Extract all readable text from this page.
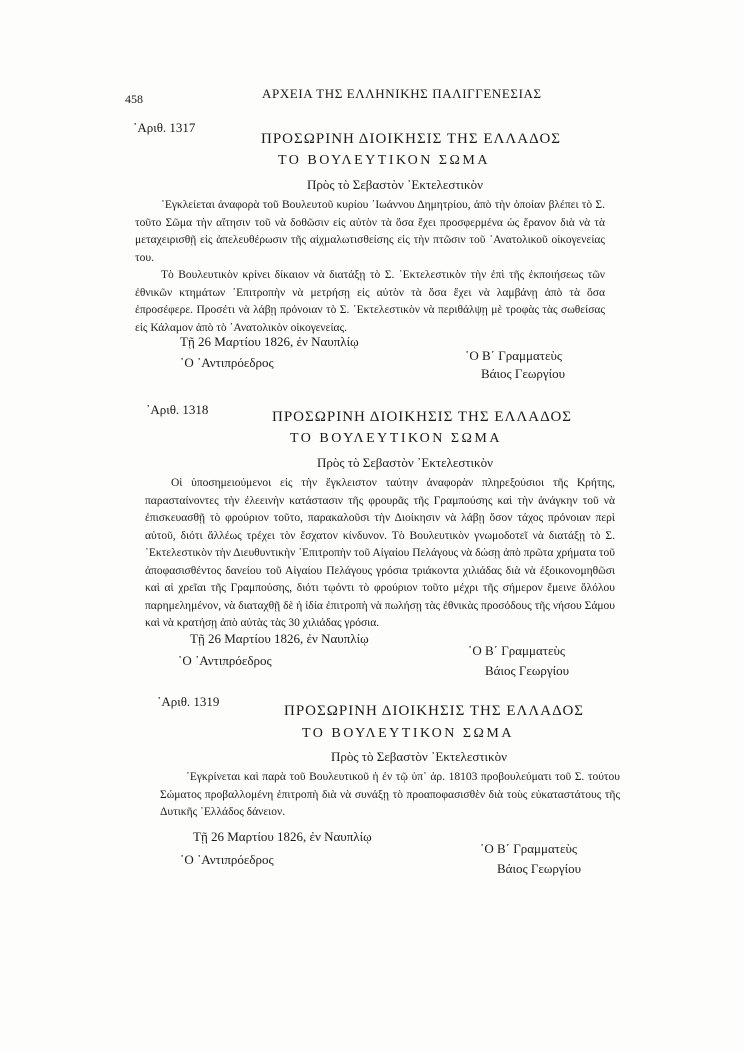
458	ΑΡΧΕΙΑ ΤΗΣ ΕΛΛΗΝΙΚΗΣ ΠΑΛΙΓΓΕΝΕΣΙΑΣ
᾽Αριθ. 1317
ΠΡΟΣΩΡΙΝΗ ΔΙΟΙΚΗΣΙΣ ΤΗΣ ΕΛΛΑΔΟΣ
ΤΟ ΒΟΥΛΕΥΤΙΚΟΝ ΣΩΜΑ
Πρὸς τὸ Σεβαστὸν ᾽Εκτελεστικὸν

᾽Εγκλείεται ἀναφορὰ τοῦ Βουλευτοῦ κυρίου ᾽Ιωάννου Δημητρίου, ἀπὸ τὴν ὁποίαν βλέπει τὸ Σ. τοῦτο Σῶμα τὴν αἴτησιν τοῦ νὰ δοθῶσιν εἰς αὐτὸν τὰ ὅσα ἔχει προσφερμένα ὡς ἔρανον διὰ νὰ τὰ μεταχειρισθῇ εἰς ἀπελευθέρωσιν τῆς αἰχμαλωτισθείσης εἰς τὴν πτῶσιν τοῦ ᾽Ανατολικοῦ οἰκογενείας του.

Τὸ Βουλευτικὸν κρίνει δίκαιον νὰ διατάξῃ τὸ Σ. ᾽Εκτελεστικὸν τὴν ἐπὶ τῆς ἐκποιήσεως τῶν ἐθνικῶν κτημάτων ᾽Επιτροπὴν νὰ μετρήσῃ εἰς αὐτὸν τὰ ὅσα ἔχει νὰ λαμβάνῃ ἀπὸ τὰ ὅσα ἐπροσέφερε. Προσέτι νὰ λάβῃ πρόνοιαν τὸ Σ. ᾽Εκτελεστικὸν νὰ περιθάλψῃ μὲ τροφὰς τὰς σωθείσας εἰς Κάλαμον ἀπὸ τὸ ᾽Ανατολικὸν οἰκογενείας.

Τῇ 26 Μαρτίου 1826, ἐν Ναυπλίῳ
῾Ο ᾽Αντιπρόεδρος	῾Ο Β΄ Γραμματεὺς
Βάιος Γεωργίου
᾽Αριθ. 1318	ΠΡΟΣΩΡΙΝΗ ΔΙΟΙΚΗΣΙΣ ΤΗΣ ΕΛΛΑΔΟΣ
ΤΟ ΒΟΥΛΕΥΤΙΚΟΝ ΣΩΜΑ
Πρὸς τὸ Σεβαστὸν ᾽Εκτελεστικὸν

Οἱ ὑποσημειούμενοι εἰς τὴν ἔγκλειστον ταύτην ἀναφορὰν πληρεξούσιοι τῆς Κρήτης, παρασταίνοντες τὴν ἐλεεινὴν κατάστασιν τῆς φρουρᾶς τῆς Γραμπούσης καὶ τὴν ἀνάγκην τοῦ νὰ ἐπισκευασθῇ τὸ φρούριον τοῦτο, παρακαλοῦσι τὴν Διοίκησιν νὰ λάβῃ ὅσον τάχος πρόνοιαν περὶ αὐτοῦ, διότι ἄλλέως τρέχει τὸν ἔσχατον κίνδυνον. Τὸ Βουλευτικὸν γνωμοδοτεῖ νὰ διατάξῃ τὸ Σ. ᾽Εκτελεστικὸν τὴν Διευθυντικὴν ᾽Επιτροπὴν τοῦ Αἰγαίου Πελάγους νὰ δώσῃ ἀπὸ πρῶτα χρήματα τοῦ ἀποφασισθέντος δανείου τοῦ Αἰγαίου Πελάγους γρόσια τριάκοντα χιλιάδας διὰ νὰ ἐξοικονομηθῶσι καὶ αἱ χρεῖαι τῆς Γραμπούσης, διότι τῳόντι τὸ φρούριον τοῦτο μέχρι τῆς σήμερον ἔμεινε ὅλόλου παρημελημένον, νὰ διαταχθῇ δὲ ἡ ἰδία ἐπιτροπὴ νὰ πωλήσῃ τὰς ἐθνικὰς προσόδους τῆς νήσου Σάμου καὶ νὰ κρατήσῃ ἀπὸ αὐτὰς τὰς 30 χιλιάδας γρόσια.

Τῇ 26 Μαρτίου 1826, ἐν Ναυπλίῳ
῾Ο ᾽Αντιπρόεδρος
῾Ο Β΄ Γραμματεὺς
Βάιος Γεωργίου
᾽Αριθ. 1319
ΠΡΟΣΩΡΙΝΗ ΔΙΟΙΚΗΣΙΣ ΤΗΣ ΕΛΛΑΔΟΣ
ΤΟ ΒΟΥΛΕΥΤΙΚΟΝ ΣΩΜΑ
Πρὸς τὸ Σεβαστὸν ᾽Εκτελεστικὸν

᾽Εγκρίνεται καὶ παρὰ τοῦ Βουλευτικοῦ ἡ ἐν τῷ ὑπ᾽ ἀρ. 18103 προβουλεύματι τοῦ Σ. τούτου Σώματος προβαλλομένη ἐπιτροπὴ διὰ νὰ συνάξῃ τὸ προαποφασισθὲν διὰ τοὺς εὐκαταστάτους τῆς Δυτικῆς ᾽Ελλάδος δάνειον.

Τῇ 26 Μαρτίου 1826, ἐν Ναυπλίῳ
῾Ο ᾽Αντιπρόεδρος
῾Ο Β΄ Γραμματεὺς
Βάιος Γεωργίου
